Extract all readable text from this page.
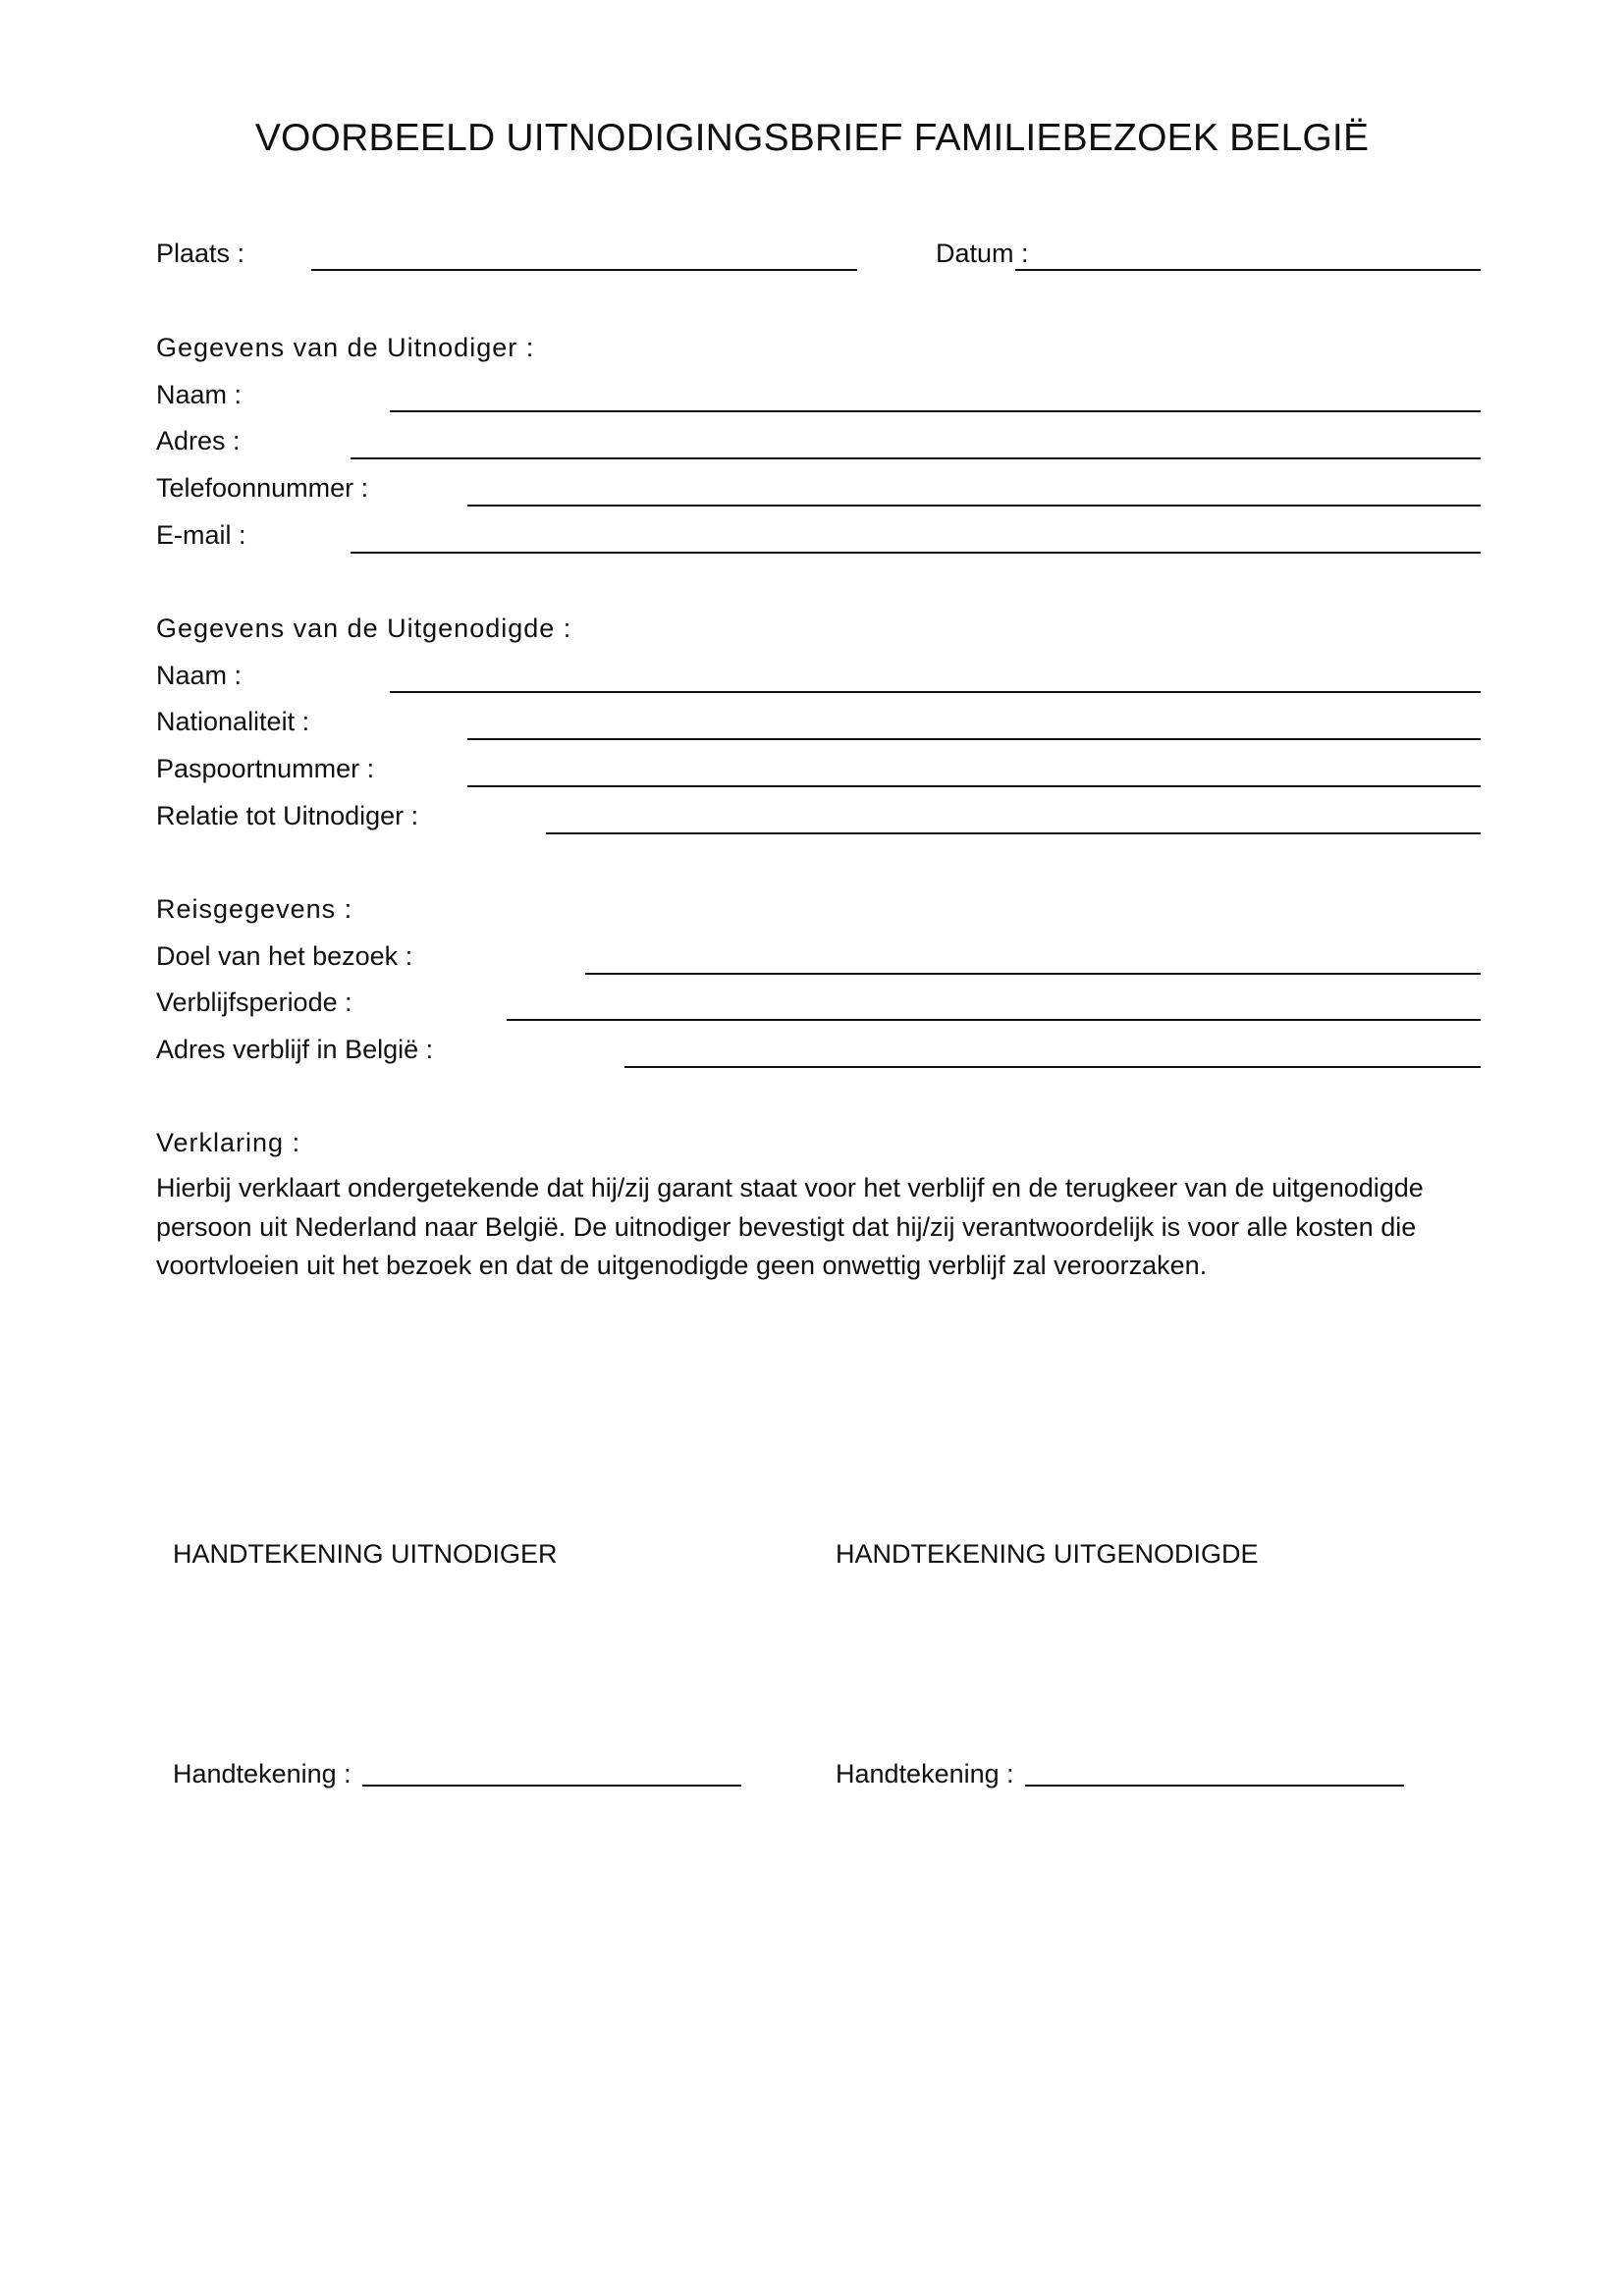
VOORBEELD UITNODIGINGSBRIEF FAMILIEBEZOEK BELGIË
Plaats :	Datum :
Gegevens van de Uitnodiger :
Naam :
Adres :
Telefoonnummer :
E-mail :
Gegevens van de Uitgenodigde :
Naam :
Nationaliteit :
Paspoortnummer :
Relatie tot Uitnodiger :
Reisgegevens :
Doel van het bezoek :
Verblijfsperiode :
Adres verblijf in België :
Verklaring :
Hierbij verklaart ondergetekende dat hij/zij garant staat voor het verblijf en de terugkeer van de uitgenodigde persoon uit Nederland naar België. De uitnodiger bevestigt dat hij/zij verantwoordelijk is voor alle kosten die voortvloeien uit het bezoek en dat de uitgenodigde geen onwettig verblijf zal veroorzaken.
HANDTEKENING UITNODIGER	HANDTEKENING UITGENODIGDE
Handtekening :	Handtekening :
